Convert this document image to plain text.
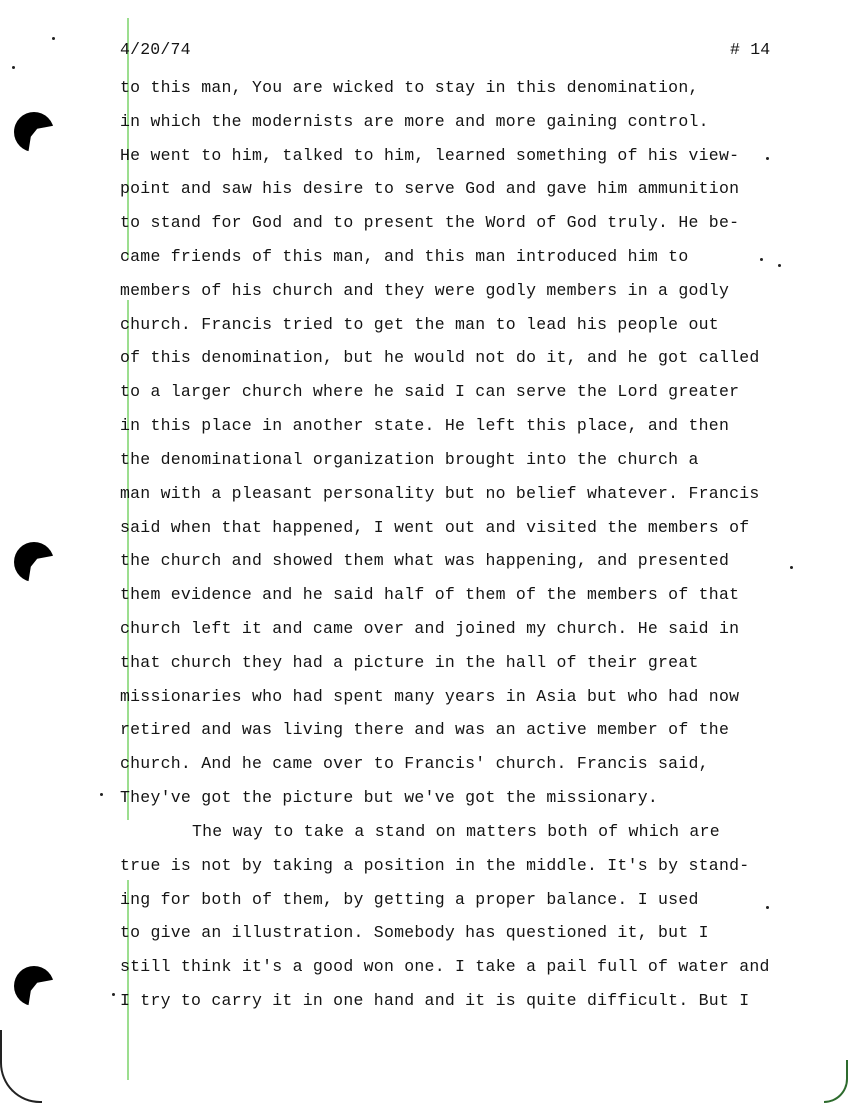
4/20/74	# 14
to this man, You are wicked to stay in this denomination,
in which the modernists are more and more gaining control.
He went to him, talked to him, learned something of his view-
point and saw his desire to serve God and gave him ammunition
to stand for God and to present the Word of God truly. He be-
came friends of this man, and this man introduced him to
members of his church and they were godly members in a godly
church. Francis tried to get the man to lead his people out
of this denomination, but he would not do it, and he got called
to a larger church where he said I can serve the Lord greater
in this place in another state. He left this place, and then
the denominational organization brought into the church a
man with a pleasant personality but no belief whatever. Francis
said when that happened, I went out and visited the members of
the church and showed them what was happening, and presented
them evidence and he said half of them of the members of that
church left it and came over and joined my church. He said in
that church they had a picture in the hall of their great
missionaries who had spent many years in Asia but who had now
retired and was living there and was an active member of the
church. And he came over to Francis' church. Francis said,
They've got the picture but we've got the missionary.
The way to take a stand on matters both of which are
true is not by taking a position in the middle. It's by stand-
ing for both of them, by getting a proper balance. I used
to give an illustration. Somebody has questioned it, but I
still think it's a good won one. I take a pail full of water and
I try to carry it in one hand and it is quite difficult. But I
